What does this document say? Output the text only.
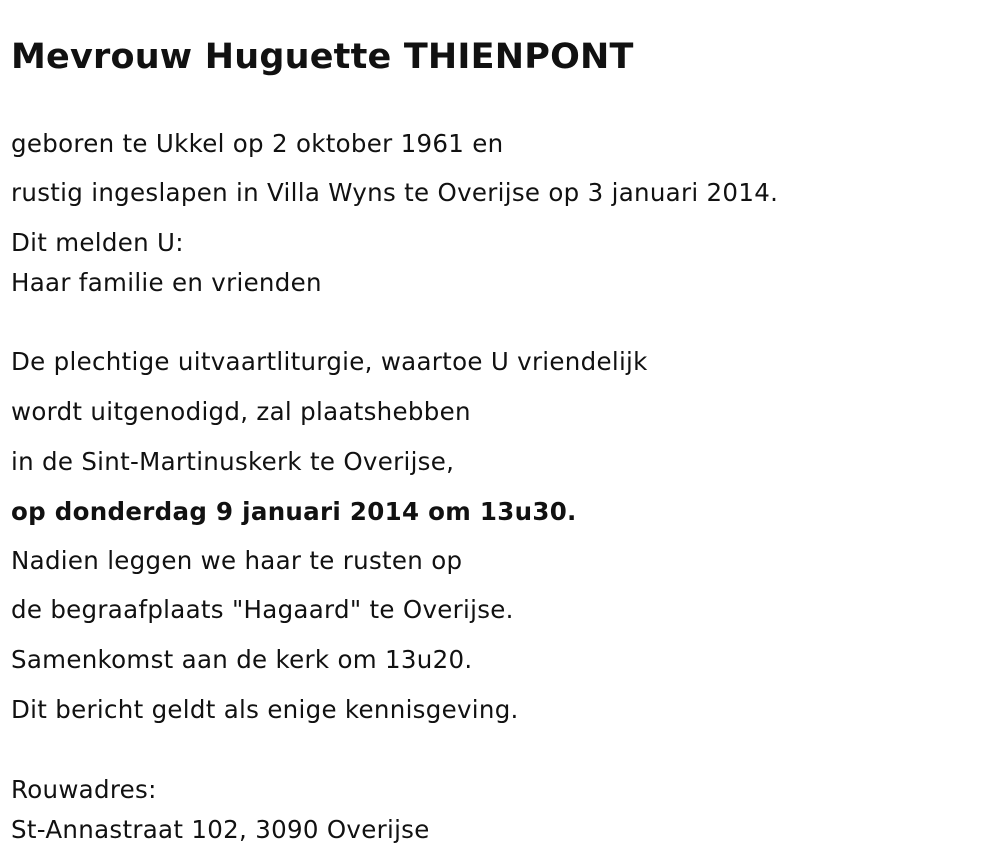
Mevrouw Huguette THIENPONT

geboren te Ukkel op 2 oktober 1961 en

rustig ingeslapen in Villa Wyns te Overijse op 3 januari 2014.

Dit melden U:

Haar familie en vrienden

De plechtige uitvaartliturgie, waartoe U vriendelijk

wordt uitgenodigd, zal plaatshebben

in de Sint-Martinuskerk te Overijse,

op donderdag 9 januari 2014 om 13u30.

Nadien leggen we haar te rusten op

de begraafplaats "Hagaard" te Overijse.

Samenkomst aan de kerk om 13u20.

Dit bericht geldt als enige kennisgeving.

Rouwadres:

St-Annastraat 102, 3090 Overijse
